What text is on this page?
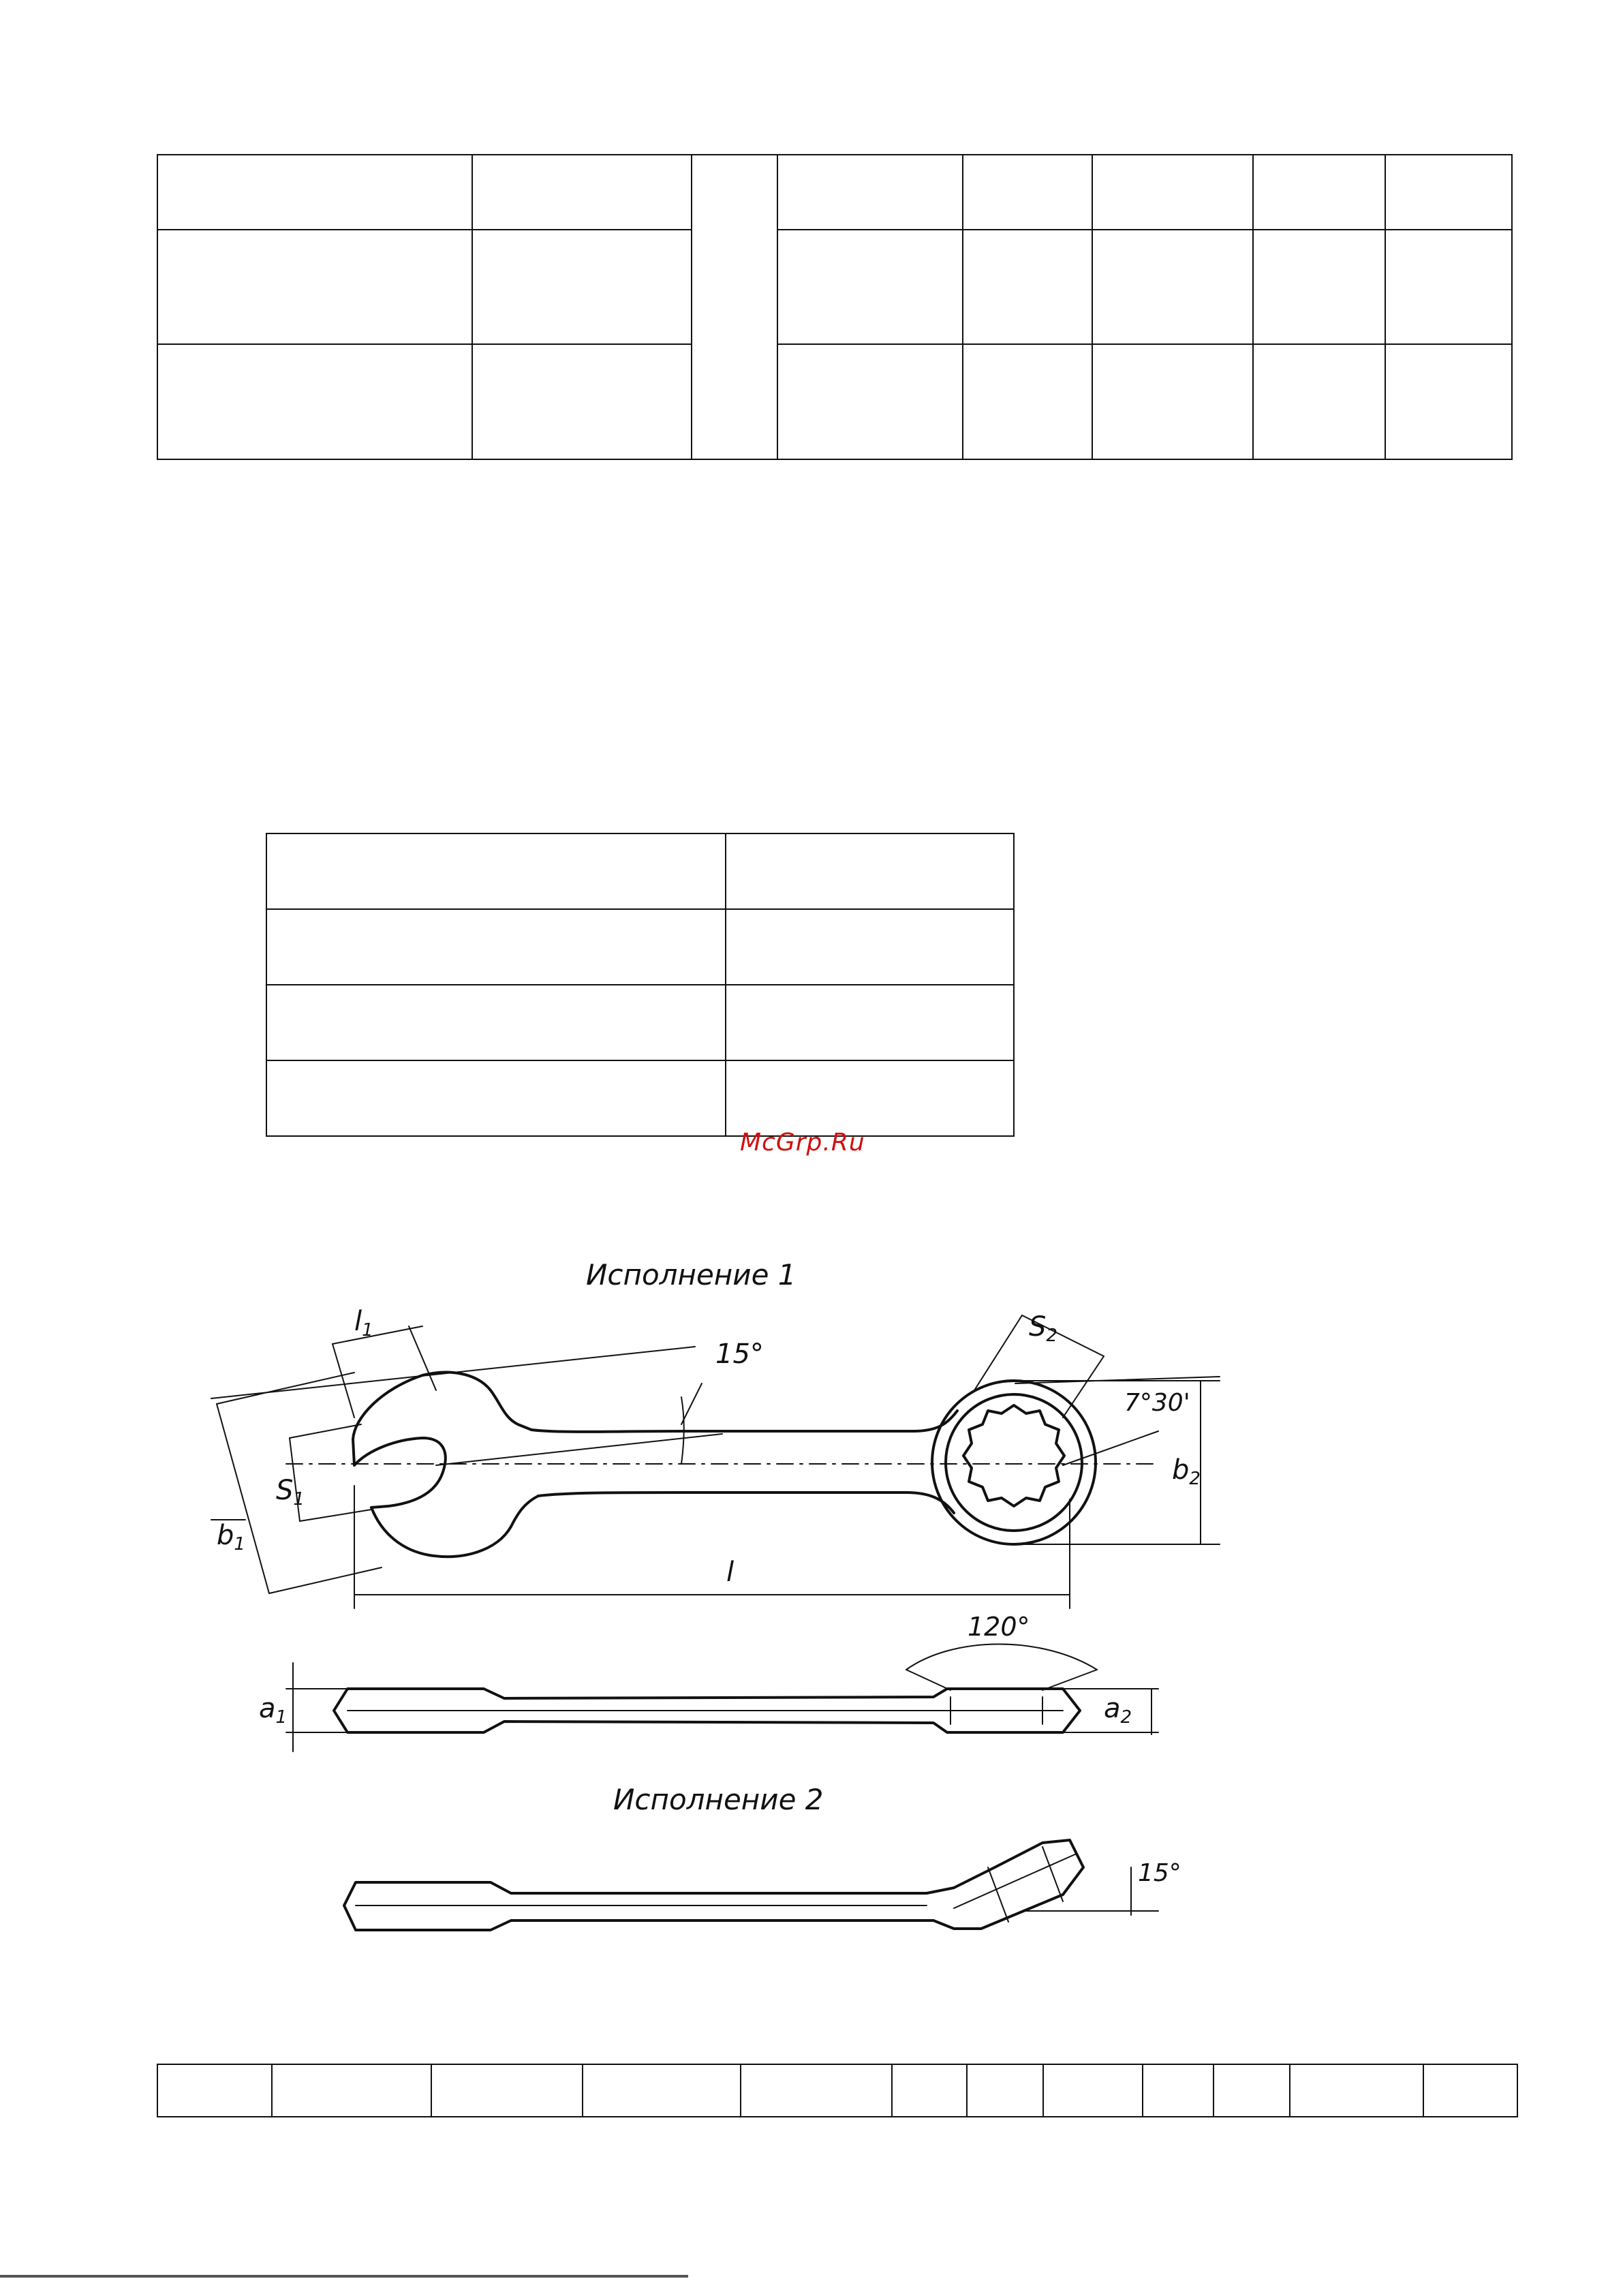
McGrp.Ru
Исполнение 1
Исполнение 2
$l_1$
15°
$S_2$
7°30'
$b_2$
$S_1$
$b_1$
l
120°
$a_1$	$a_2$
15°
